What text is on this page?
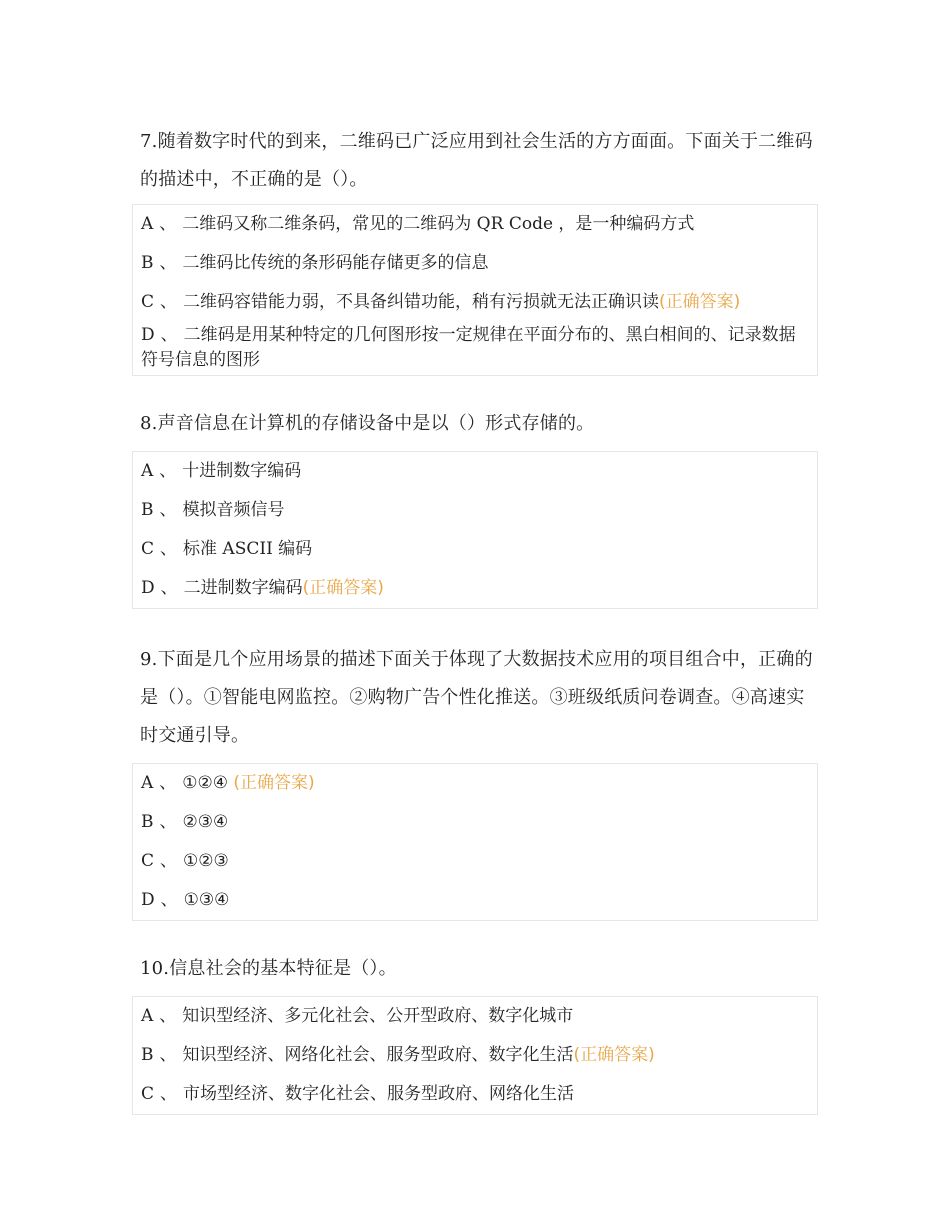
7.随着数字时代的到来，二维码已广泛应用到社会生活的方方面面。下面关于二维码的描述中，不正确的是（）。

A 、 二维码又称二维条码，常见的二维码为 QR Code ，是一种编码方式
B 、 二维码比传统的条形码能存储更多的信息
C 、 二维码容错能力弱，不具备纠错功能，稍有污损就无法正确识读(正确答案)
D 、 二维码是用某种特定的几何图形按一定规律在平面分布的、黑白相间的、记录数据符号信息的图形

8.声音信息在计算机的存储设备中是以（）形式存储的。

A 、 十进制数字编码
B 、 模拟音频信号
C 、 标准 ASCII 编码
D 、 二进制数字编码(正确答案)

9.下面是几个应用场景的描述下面关于体现了大数据技术应用的项目组合中，正确的是（）。①智能电网监控。②购物广告个性化推送。③班级纸质问卷调查。④高速实时交通引导。

A 、 ①②④ (正确答案)
B 、 ②③④
C 、 ①②③
D 、 ①③④

10.信息社会的基本特征是（）。

A 、 知识型经济、多元化社会、公开型政府、数字化城市
B 、 知识型经济、网络化社会、服务型政府、数字化生活(正确答案)
C 、 市场型经济、数字化社会、服务型政府、网络化生活
